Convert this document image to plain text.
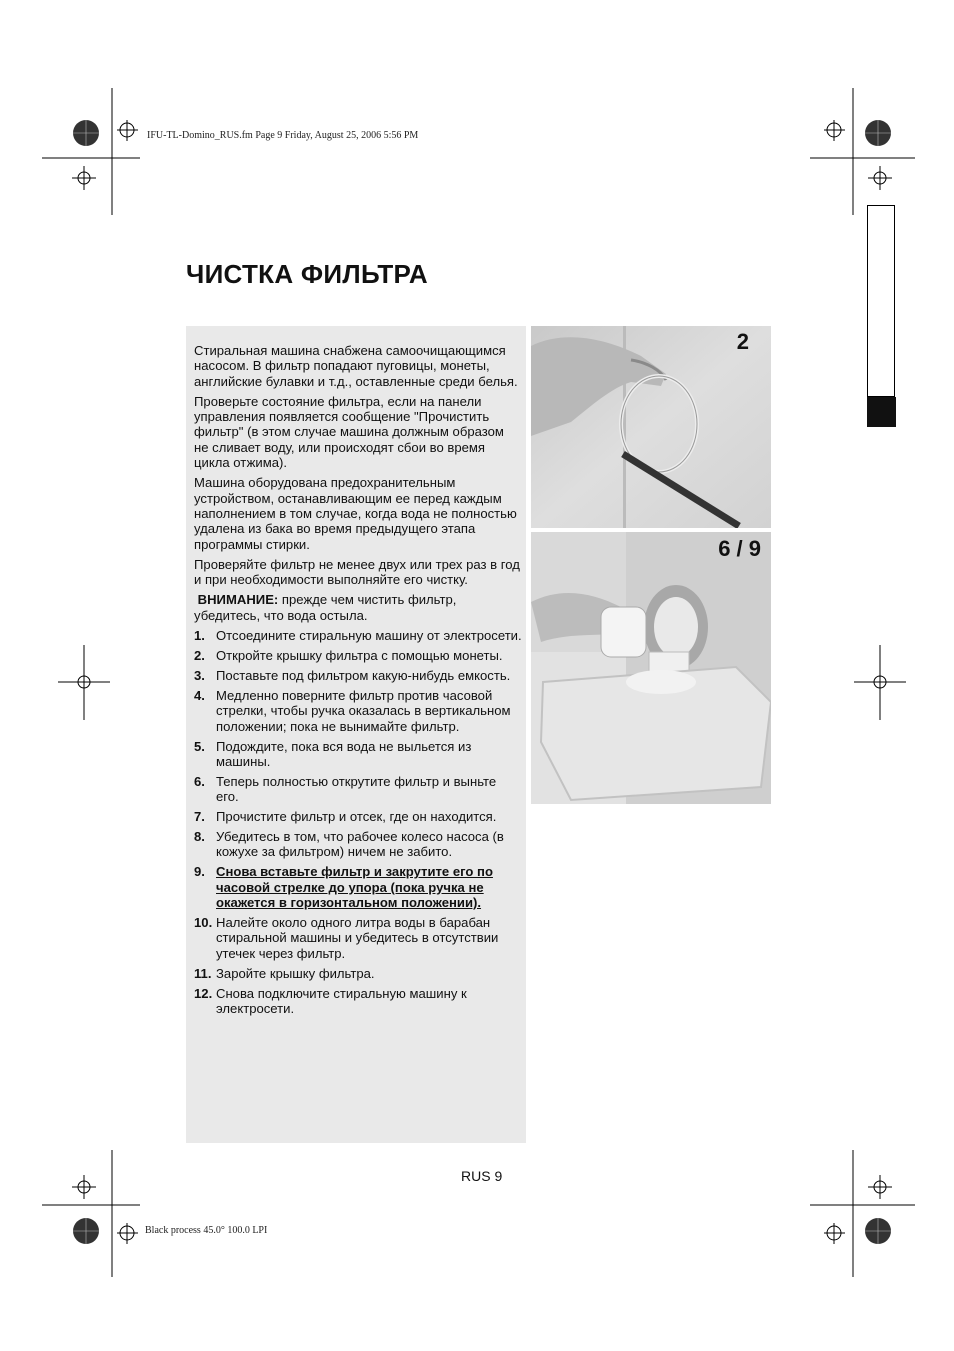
IFU-TL-Domino_RUS.fm Page 9 Friday, August 25, 2006 5:56 PM
Black process 45.0° 100.0 LPI
ЧИСТКА ФИЛЬТРА

Стиральная машина снабжена самоочищающимся насосом. В фильтр попадают пуговицы, монеты, английские булавки и т.д., оставленные среди белья.

Проверьте состояние фильтра, если на панели управления появляется сообщение "Прочистить фильтр" (в этом случае машина должным образом не сливает воду, или происходят сбои во время цикла отжима).

Машина оборудована предохранительным устройством, останавливающим ее перед каждым наполнением в том случае, когда вода не полностью удалена из бака во время предыдущего этапа программы стирки.

Проверяйте фильтр не менее двух или трех раз в год и при необходимости выполняйте его чистку.

ВНИМАНИЕ: прежде чем чистить фильтр, убедитесь, что вода остыла.

1. Отсоедините стиральную машину от электросети.
2. Откройте крышку фильтра с помощью монеты.
3. Поставьте под фильтром какую-нибудь емкость.
4. Медленно поверните фильтр против часовой стрелки, чтобы ручка оказалась в вертикальном положении; пока не вынимайте фильтр.
5. Подождите, пока вся вода не выльется из машины.
6. Теперь полностью открутите фильтр и выньте его.
7. Прочистите фильтр и отсек, где он находится.
8. Убедитесь в том, что рабочее колесо насоса (в кожухе за фильтром) ничем не забито.
9. Снова вставьте фильтр и закрутите его по часовой стрелке до упора (пока ручка не окажется в горизонтальном положении).
10. Налейте около одного литра воды в барабан стиральной машины и убедитесь в отсутствии утечек через фильтр.
11. Заройте крышку фильтра.
12. Снова подключите стиральную машину к электросети.
2
6 / 9
RUS 9
